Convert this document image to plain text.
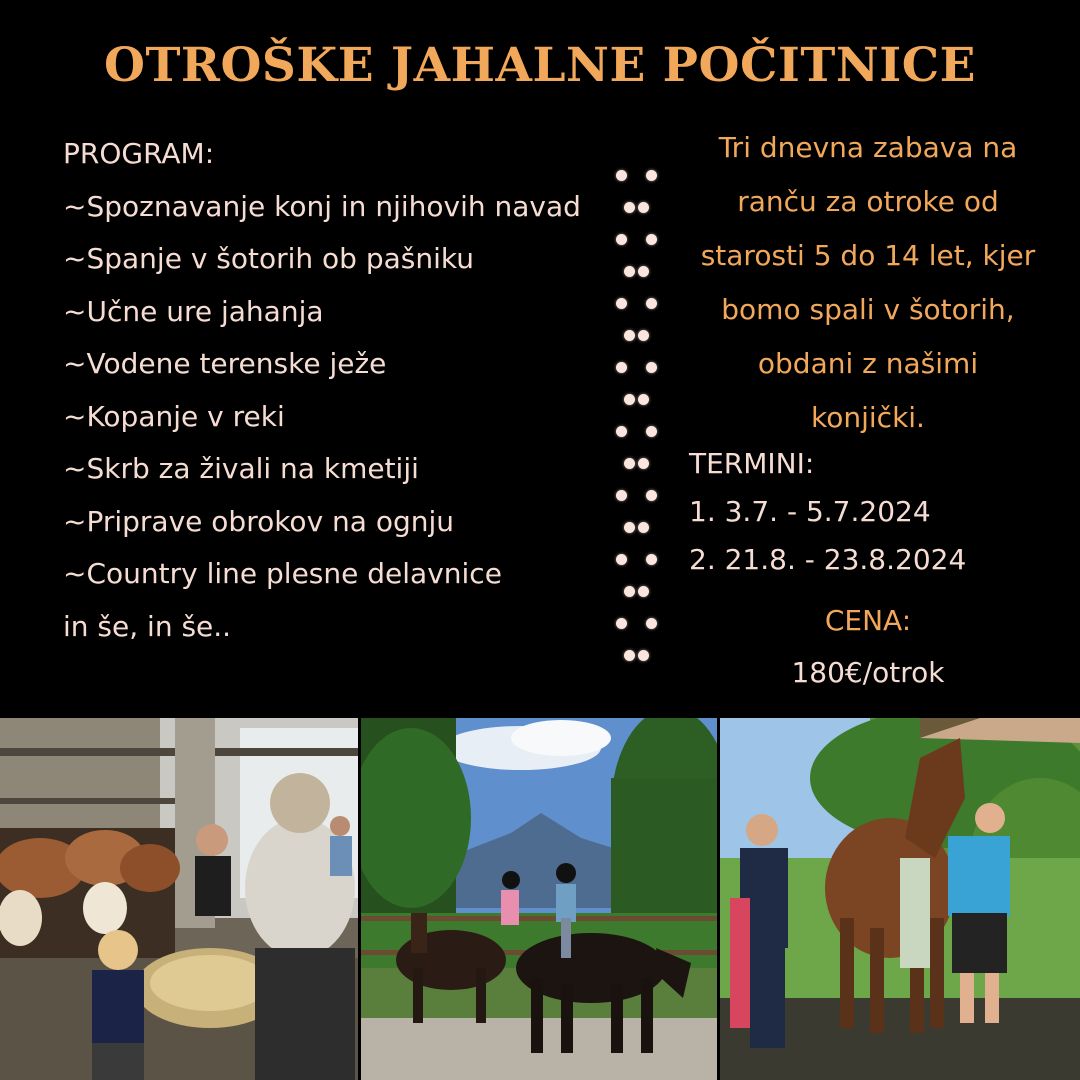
OTROŠKE JAHALNE POČITNICE
PROGRAM:
~Spoznavanje konj in njihovih navad
~Spanje v šotorih ob pašniku
~Učne ure jahanja
~Vodene terenske ježe
~Kopanje v reki
~Skrb za živali na kmetiji
~Priprave obrokov na ognju
~Country line plesne delavnice
in še, in še..
Tri dnevna zabava na
ranču za otroke od
starosti 5 do 14 let, kjer
bomo spali v šotorih,
obdani z našimi
konjički.
TERMINI:
1. 3.7. - 5.7.2024
2. 21.8. - 23.8.2024
CENA:
180€/otrok
